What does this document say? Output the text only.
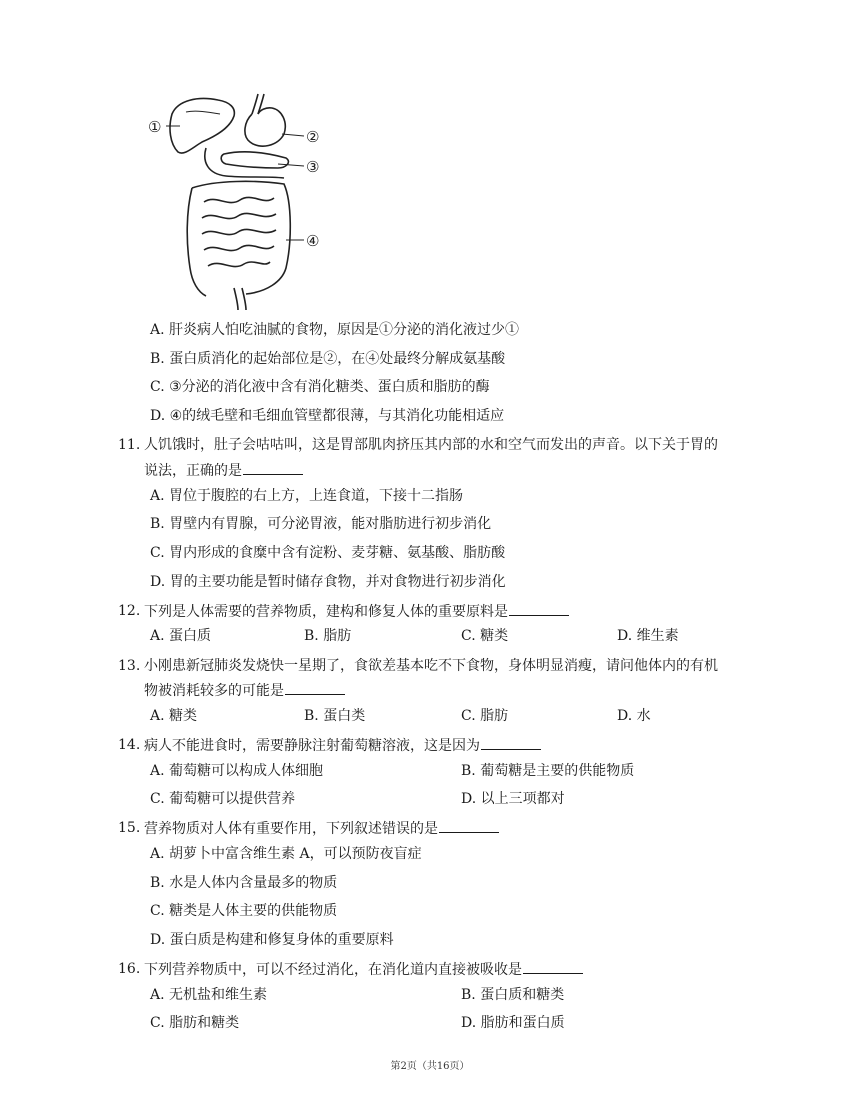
①
②
③
④
A. 肝炎病人怕吃油腻的食物，原因是①分泌的消化液过少①
B. 蛋白质消化的起始部位是②，在④处最终分解成氨基酸
C. ③分泌的消化液中含有消化糖类、蛋白质和脂肪的酶
D. ④的绒毛壁和毛细血管壁都很薄，与其消化功能相适应
11. 人饥饿时，肚子会咕咕叫，这是胃部肌肉挤压其内部的水和空气而发出的声音。以下关于胃的
说法，正确的是
A. 胃位于腹腔的右上方，上连食道，下接十二指肠
B. 胃壁内有胃腺，可分泌胃液，能对脂肪进行初步消化
C. 胃内形成的食糜中含有淀粉、麦芽糖、氨基酸、脂肪酸
D. 胃的主要功能是暂时储存食物，并对食物进行初步消化
12. 下列是人体需要的营养物质，建构和修复人体的重要原料是
A. 蛋白质	B. 脂肪	C. 糖类	D. 维生素
13. 小刚患新冠肺炎发烧快一星期了，食欲差基本吃不下食物，身体明显消瘦，请问他体内的有机
物被消耗较多的可能是
A. 糖类	B. 蛋白类	C. 脂肪	D. 水
14. 病人不能进食时，需要静脉注射葡萄糖溶液，这是因为
A. 葡萄糖可以构成人体细胞	B. 葡萄糖是主要的供能物质
C. 葡萄糖可以提供营养	D. 以上三项都对
15. 营养物质对人体有重要作用，下列叙述错误的是
A. 胡萝卜中富含维生素 A，可以预防夜盲症
B. 水是人体内含量最多的物质
C. 糖类是人体主要的供能物质
D. 蛋白质是构建和修复身体的重要原料
16. 下列营养物质中，可以不经过消化，在消化道内直接被吸收是
A. 无机盐和维生素	B. 蛋白质和糖类
C. 脂肪和糖类	D. 脂肪和蛋白质
第2页（共16页）
